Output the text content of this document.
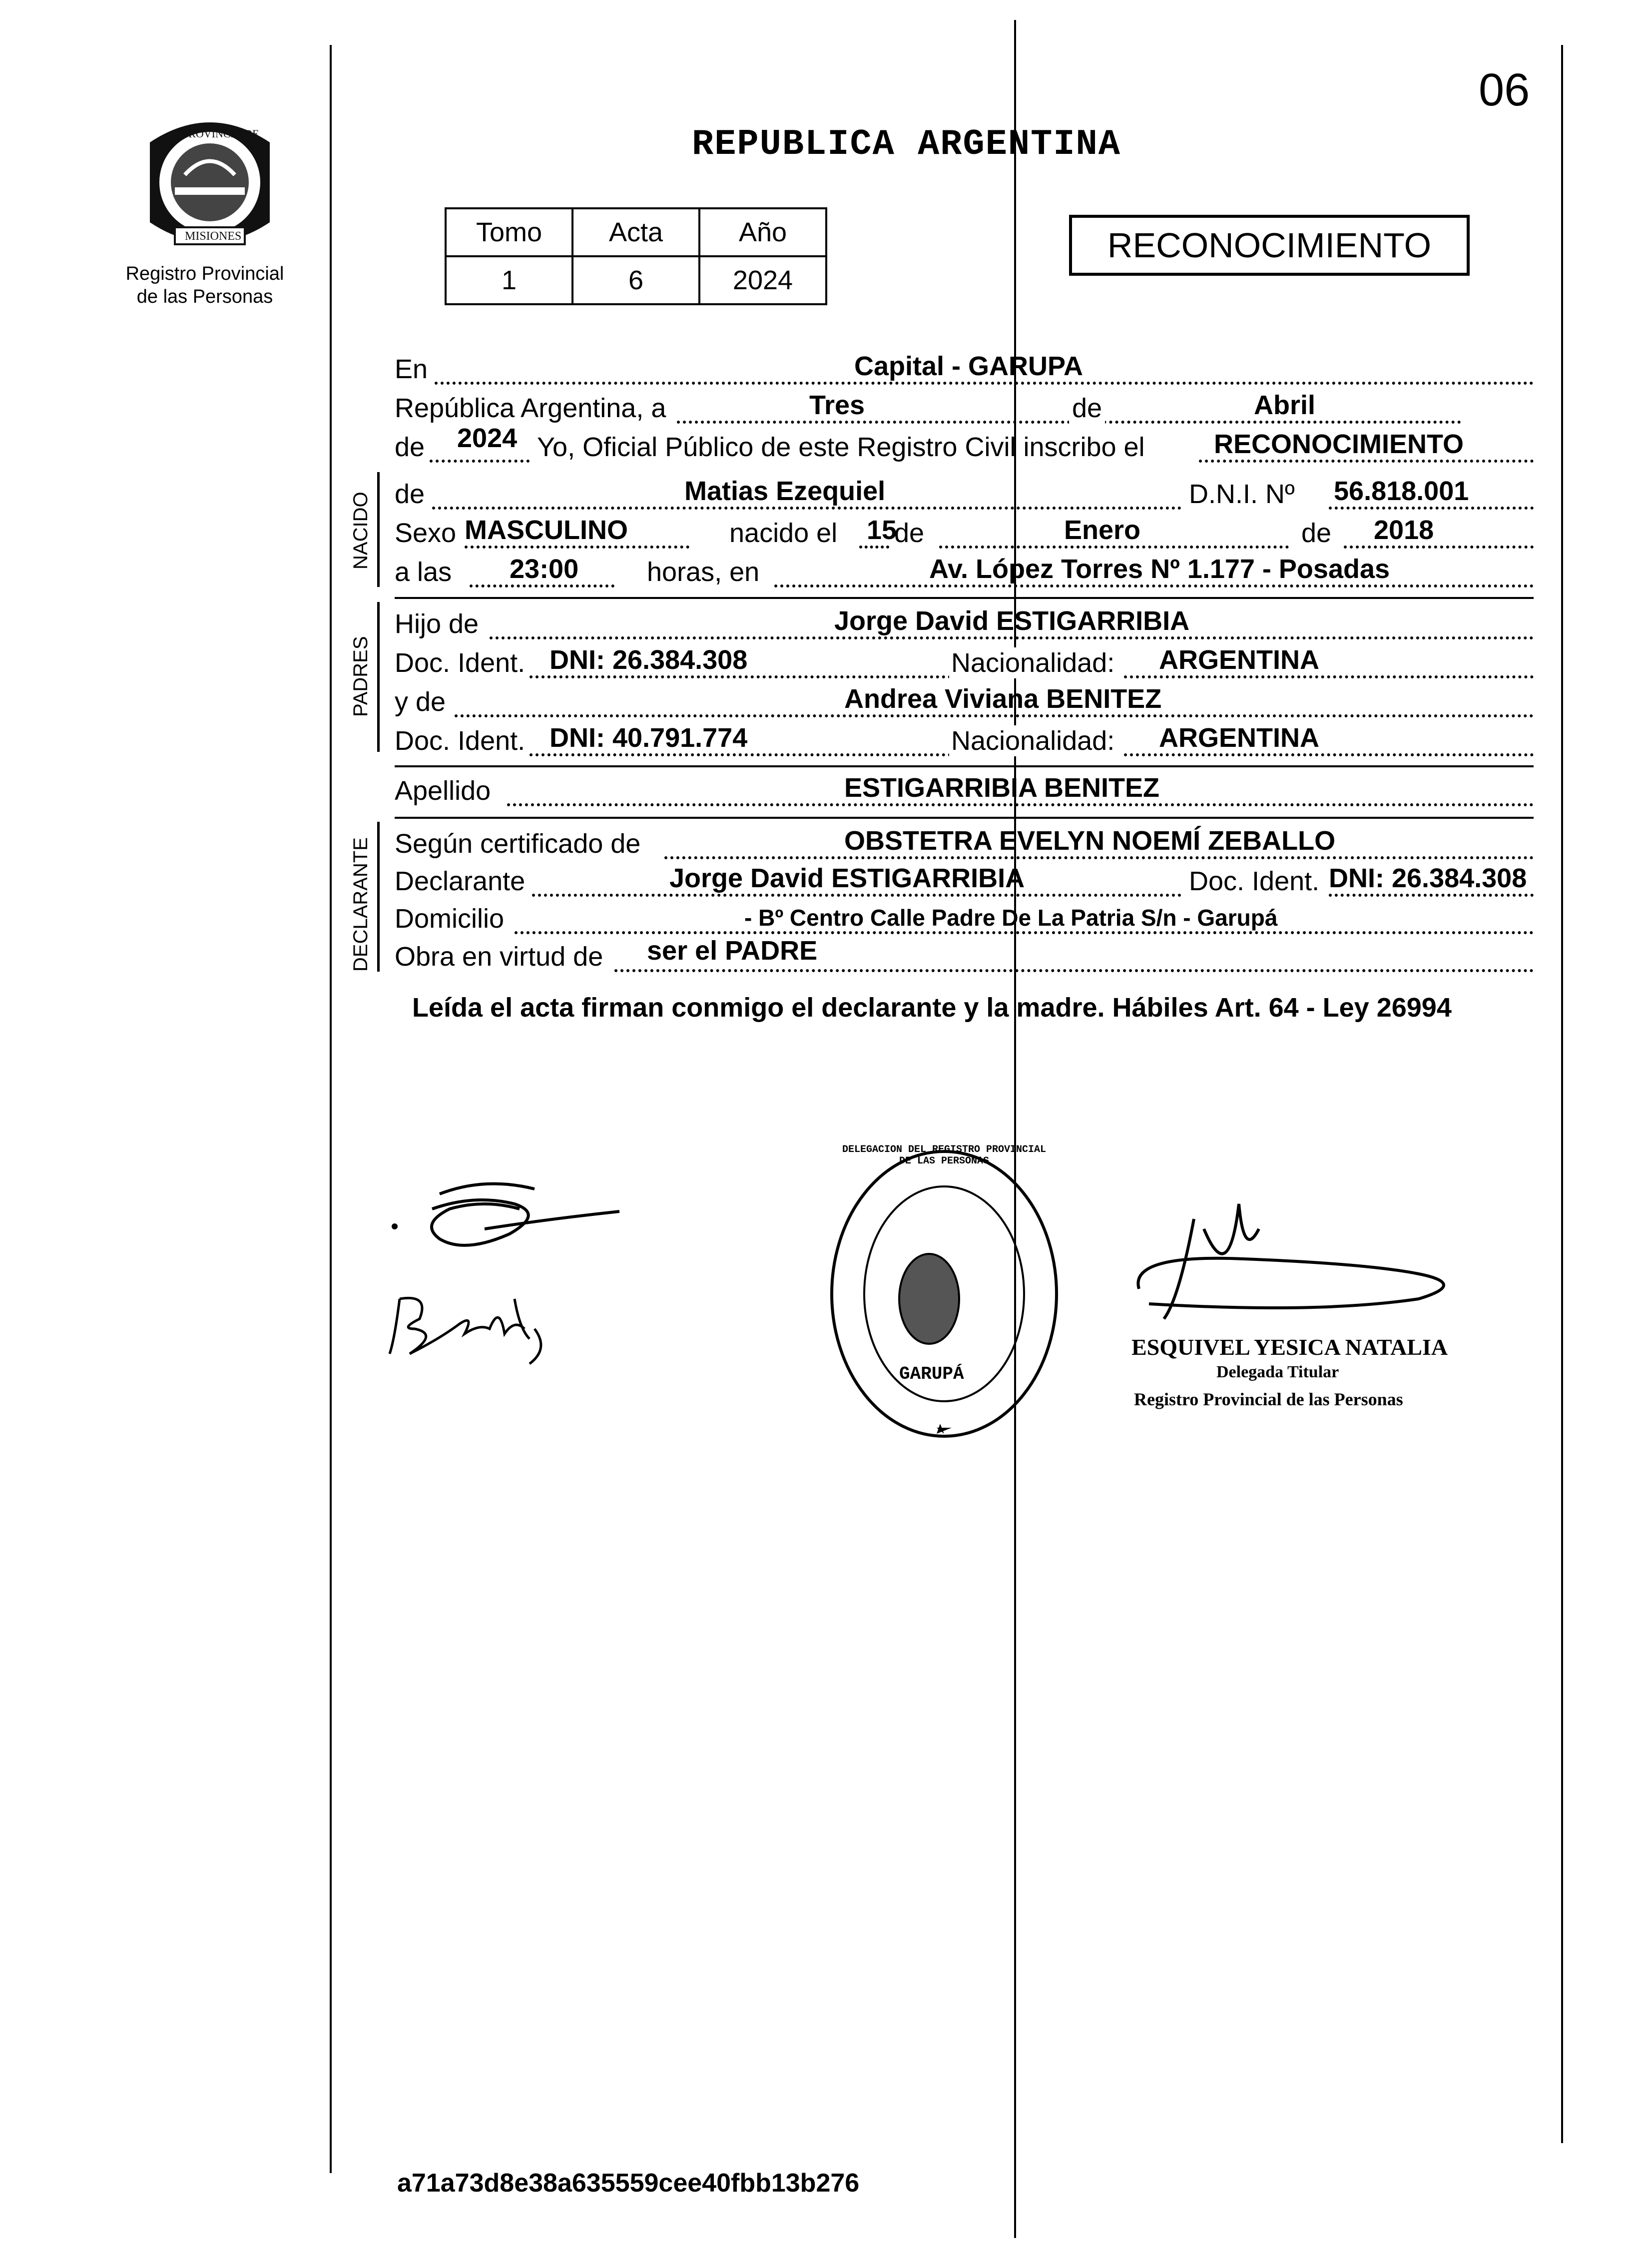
06
PROVINCIA DE
MISIONES
Registro Provincial
de las Personas
REPUBLICA ARGENTINA
Tomo	Acta	Año
1	6	2024
RECONOCIMIENTO
En	Capital - GARUPA
República Argentina, a	Tres	de	Abril
de 2024 Yo, Oficial Público de este Registro Civil inscribo el	RECONOCIMIENTO
NACIDO de	Matias Ezequiel	D.N.I. Nº 56.818.001
Sexo MASCULINO	nacido el 15
de	Enero	de 2018
a las 23:00	horas, en	Av. López Torres Nº 1.177 - Posadas
PADRES
Hijo de	Jorge David ESTIGARRIBIA
Doc. Ident. DNI: 26.384.308	Nacionalidad: ARGENTINA
y de	Andrea Viviana BENITEZ
Doc. Ident. DNI: 40.791.774	Nacionalidad: ARGENTINA
Apellido	ESTIGARRIBIA BENITEZ
DECLARANTE Según certificado de	OBSTETRA EVELYN NOEMÍ ZEBALLO
Declarante	Jorge David ESTIGARRIBIA	Doc. Ident. DNI: 26.384.308
Domicilio	- Bº Centro Calle Padre De La Patria S/n - Garupá
Obra en virtud de ser el PADRE
Leída el acta firman conmigo el declarante y la madre. Hábiles Art. 64 - Ley 26994
DELEGACION DEL REGISTRO PROVINCIAL DE LAS PERSONAS
GARUPÁ
ESQUIVEL YESICA NATALIA
Delegada Titular
Registro Provincial de las Personas
a71a73d8e38a635559cee40fbb13b276
